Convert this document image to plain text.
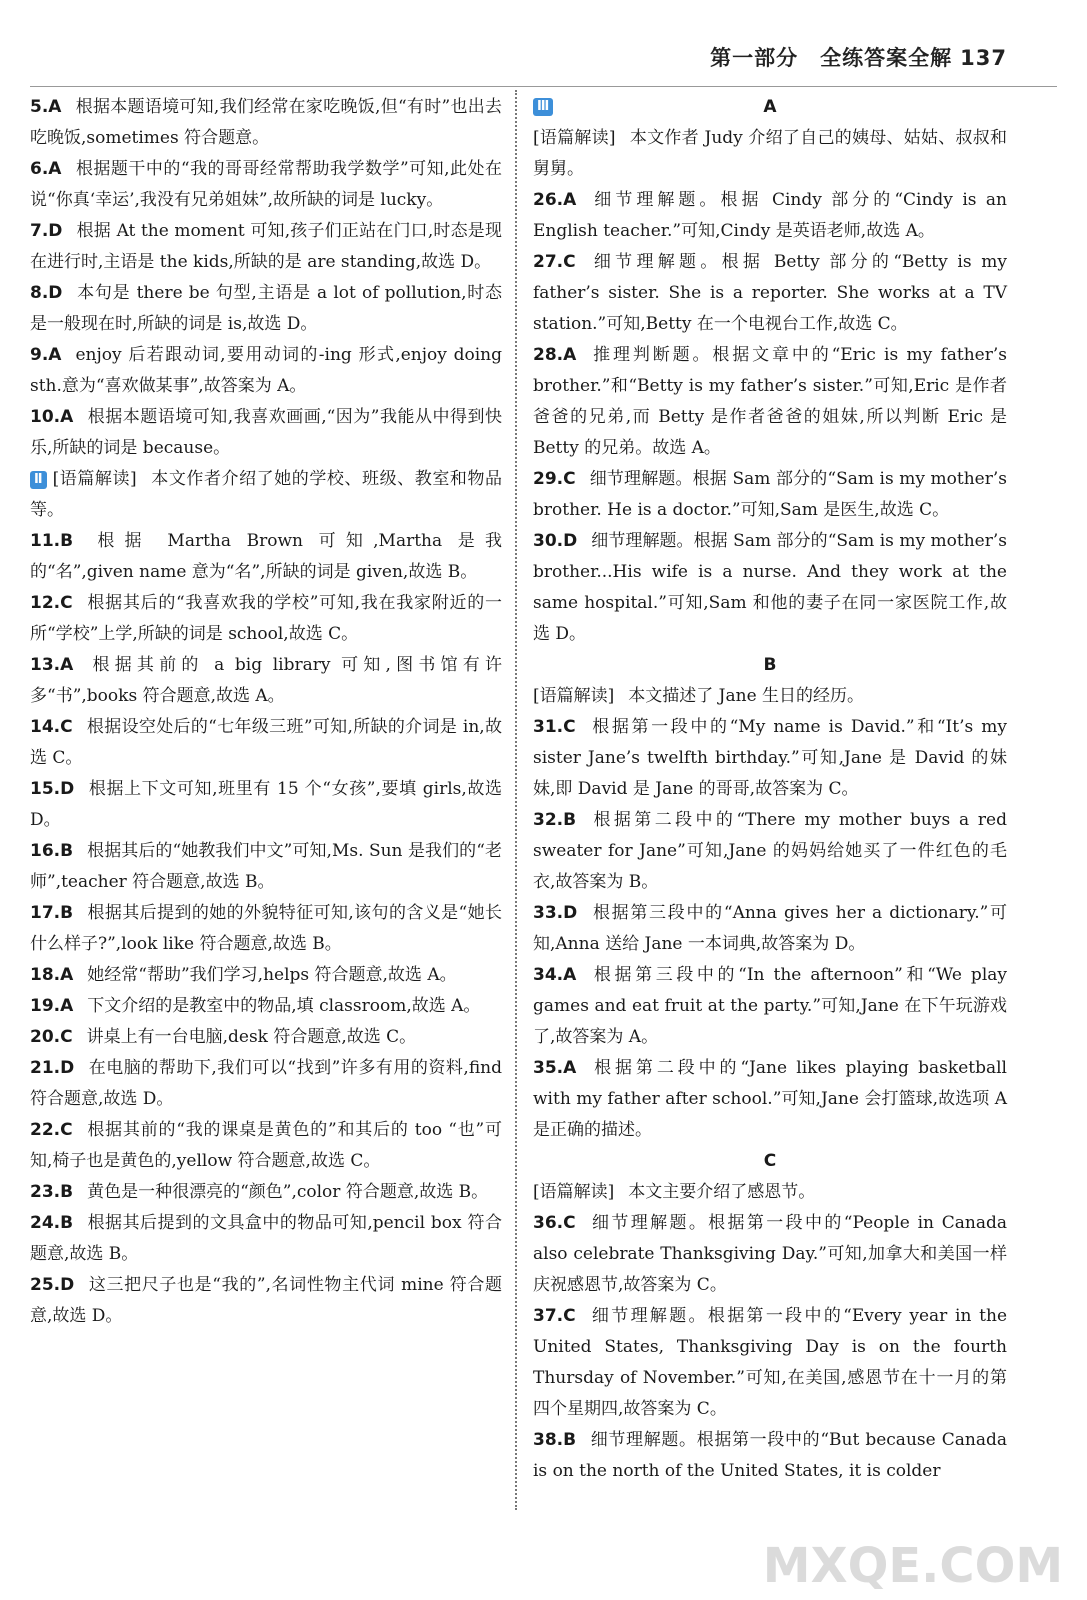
第一部分　全练答案全解 137
5.A 根据本题语境可知,我们经常在家吃晚饭,但“有时”也出去吃晚饭,sometimes 符合题意。
6.A 根据题干中的“我的哥哥经常帮助我学数学”可知,此处在说“你真‘幸运’,我没有兄弟姐妹”,故所缺的词是 lucky。
7.D 根据 At the moment 可知,孩子们正站在门口,时态是现在进行时,主语是 the kids,所缺的是 are standing,故选 D。
8.D 本句是 there be 句型,主语是 a lot of pollution,时态是一般现在时,所缺的词是 is,故选 D。
9.A enjoy 后若跟动词,要用动词的-ing 形式,enjoy doing sth.意为“喜欢做某事”,故答案为 A。
10.A 根据本题语境可知,我喜欢画画,“因为”我能从中得到快乐,所缺的词是 because。
Ⅱ [语篇解读] 本文作者介绍了她的学校、班级、教室和物品等。
11.B 根据 Martha Brown 可知,Martha 是我的“名”,given name 意为“名”,所缺的词是 given,故选 B。
12.C 根据其后的“我喜欢我的学校”可知,我在我家附近的一所“学校”上学,所缺的词是 school,故选 C。
13.A 根据其前的 a big library 可知,图书馆有许多“书”,books 符合题意,故选 A。
14.C 根据设空处后的“七年级三班”可知,所缺的介词是 in,故选 C。
15.D 根据上下文可知,班里有 15 个“女孩”,要填 girls,故选 D。
16.B 根据其后的“她教我们中文”可知,Ms. Sun 是我们的“老师”,teacher 符合题意,故选 B。
17.B 根据其后提到的她的外貌特征可知,该句的含义是“她长什么样子?”,look like 符合题意,故选 B。
18.A 她经常“帮助”我们学习,helps 符合题意,故选 A。
19.A 下文介绍的是教室中的物品,填 classroom,故选 A。
20.C 讲桌上有一台电脑,desk 符合题意,故选 C。
21.D 在电脑的帮助下,我们可以“找到”许多有用的资料,find 符合题意,故选 D。
22.C 根据其前的“我的课桌是黄色的”和其后的 too “也”可知,椅子也是黄色的,yellow 符合题意,故选 C。
23.B 黄色是一种很漂亮的“颜色”,color 符合题意,故选 B。
24.B 根据其后提到的文具盒中的物品可知,pencil box 符合题意,故选 B。
25.D 这三把尺子也是“我的”,名词性物主代词 mine 符合题意,故选 D。
Ⅲ	A
[语篇解读] 本文作者 Judy 介绍了自己的姨母、姑姑、叔叔和舅舅。
26.A 细节理解题。根据 Cindy 部分的“Cindy is an English teacher.”可知,Cindy 是英语老师,故选 A。
27.C 细节理解题。根据 Betty 部分的“Betty is my father’s sister. She is a reporter. She works at a TV station.”可知,Betty 在一个电视台工作,故选 C。
28.A 推理判断题。根据文章中的“Eric is my father’s brother.”和“Betty is my father’s sister.”可知,Eric 是作者爸爸的兄弟,而 Betty 是作者爸爸的姐妹,所以判断 Eric 是 Betty 的兄弟。故选 A。
29.C 细节理解题。根据 Sam 部分的“Sam is my mother’s brother. He is a doctor.”可知,Sam 是医生,故选 C。
30.D 细节理解题。根据 Sam 部分的“Sam is my mother’s brother...His wife is a nurse. And they work at the same hospital.”可知,Sam 和他的妻子在同一家医院工作,故选 D。
B
[语篇解读] 本文描述了 Jane 生日的经历。
31.C 根据第一段中的“My name is David.”和“It’s my sister Jane’s twelfth birthday.”可知,Jane 是 David 的妹妹,即 David 是 Jane 的哥哥,故答案为 C。
32.B 根据第二段中的“There my mother buys a red sweater for Jane”可知,Jane 的妈妈给她买了一件红色的毛衣,故答案为 B。
33.D 根据第三段中的“Anna gives her a dictionary.”可知,Anna 送给 Jane 一本词典,故答案为 D。
34.A 根据第三段中的“In the afternoon”和“We play games and eat fruit at the party.”可知,Jane 在下午玩游戏了,故答案为 A。
35.A 根据第二段中的“Jane likes playing basketball with my father after school.”可知,Jane 会打篮球,故选项 A 是正确的描述。
C
[语篇解读] 本文主要介绍了感恩节。
36.C 细节理解题。根据第一段中的“People in Canada also celebrate Thanksgiving Day.”可知,加拿大和美国一样庆祝感恩节,故答案为 C。
37.C 细节理解题。根据第一段中的“Every year in the United States, Thanksgiving Day is on the fourth Thursday of November.”可知,在美国,感恩节在十一月的第四个星期四,故答案为 C。
38.B 细节理解题。根据第一段中的“But because Canada is on the north of the United States, it is colder
MXQE.COM
